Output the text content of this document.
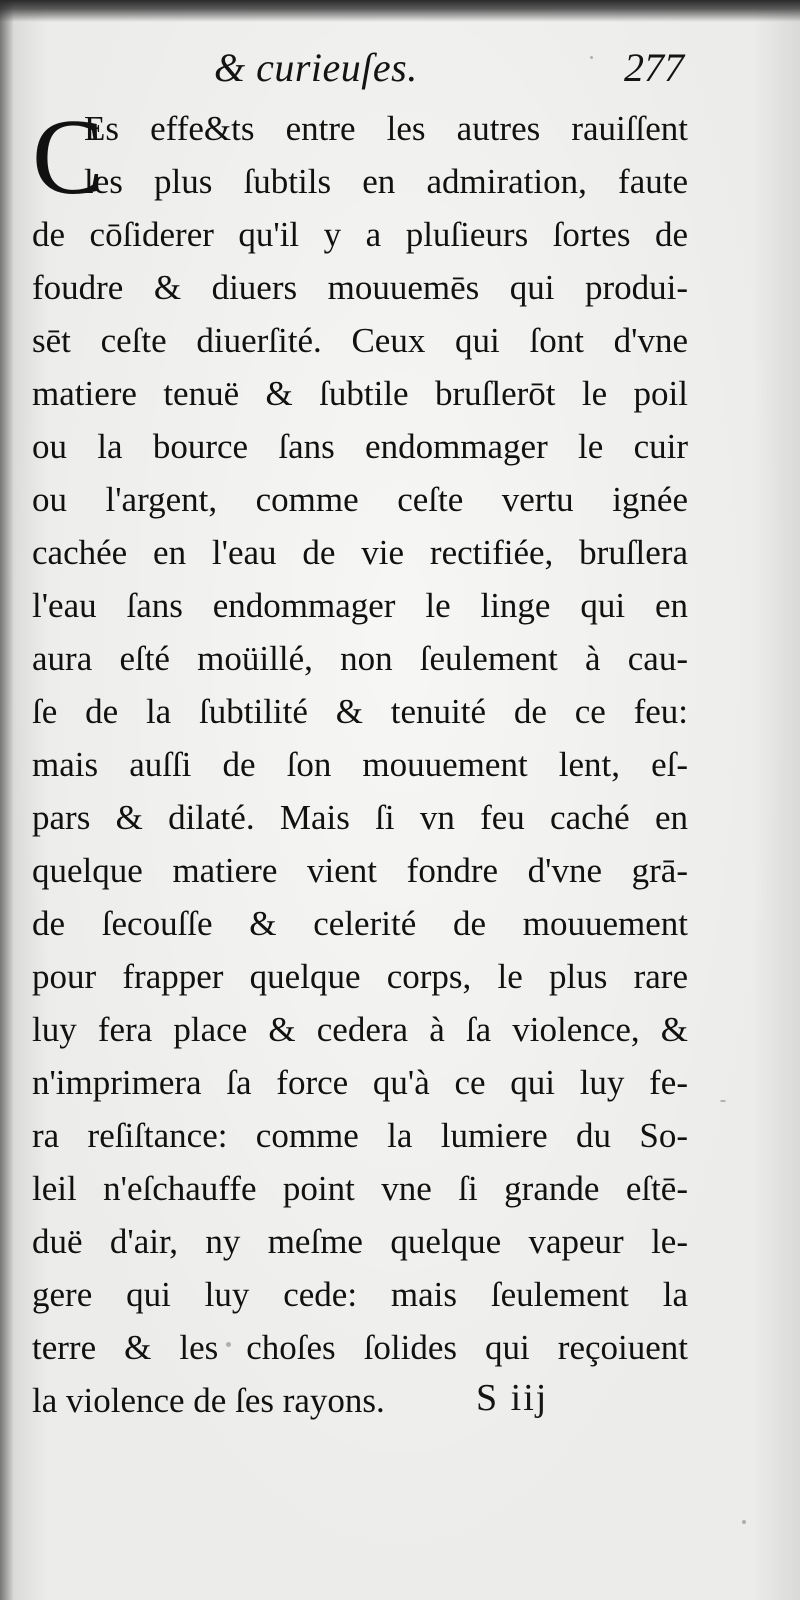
& curieuſes.	277
C
Es effe&ts entre les autres rauiſſent
les plus ſubtils en admiration, faute
de cōſiderer qu'il y a pluſieurs ſortes de
foudre & diuers mouuemēs qui produi-
sēt ceſte diuerſité. Ceux qui ſont d'vne
matiere tenuë & ſubtile bruſlerōt le poil
ou la bource ſans endommager le cuir
ou l'argent, comme ceſte vertu ignée
cachée en l'eau de vie rectifiée, bruſlera
l'eau ſans endommager le linge qui en
aura eſté moüillé, non ſeulement à cau-
ſe de la ſubtilité & tenuité de ce feu:
mais auſſi de ſon mouuement lent, eſ-
pars & dilaté. Mais ſi vn feu caché en
quelque matiere vient fondre d'vne grā-
de ſecouſſe & celerité de mouuement
pour frapper quelque corps, le plus rare
luy fera place & cedera à ſa violence, &
n'imprimera ſa force qu'à ce qui luy fe-
ra reſiſtance: comme la lumiere du So-
leil n'eſchauffe point vne ſi grande eſtē-
duë d'air, ny meſme quelque vapeur le-
gere qui luy cede: mais ſeulement la
terre & les choſes ſolides qui reçoiuent
la violence de ſes rayons.	S iij
